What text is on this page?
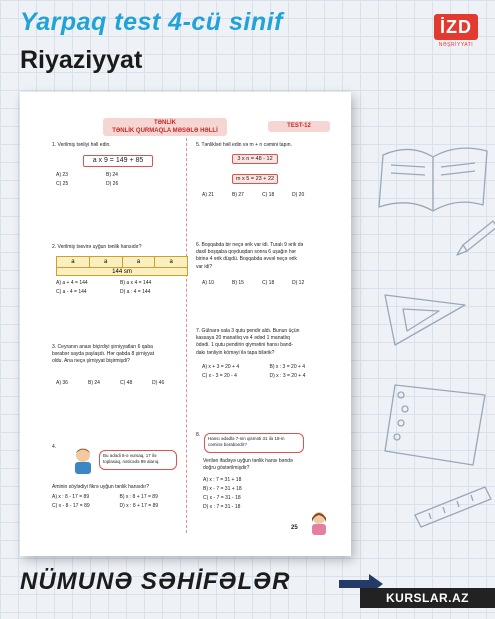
Yarpaq test 4-cü sinif
Riyaziyyat
İZD
NƏŞRİYYATI
TƏNLİK
TƏNLİK QURMAQLA MƏSƏLƏ HƏLLİ
TEST-12
1. Verilmiş tənliyi həll edin.
a x 9 = 149 + 85
A) 23	B) 24
C) 25	D) 26
2. Verilmiş təsvirə uyğun tənlik hansıdır?
a	a	a	a
144 sm
A) a + 4 = 144	B) a x 4 = 144
C) a - 4 = 144	D) a : 4 = 144
3. Ceyranın anası biçirdiyi şirniyyatları 6 qaba
bərabər sayda paylaşdı. Hər qabda 8 şirniyyat
oldu. Ana neçə şirniyyat bişirmişdi?
A) 36	B) 24	C) 48	D) 46
4.
Bu ədədi 8-ə vursaq, 17 ilə
toplasaq, nəticədə 89 alarıq.
Aminin söylədiyi fikrə uyğun tənlik hansıdır?
A) x : 8 - 17 = 89	B) x : 8 + 17 = 89
C) x - 8 - 17 = 89	D) x : 8 + 17 = 89
5. Tənlikləri həll edin və m + n cəmini tapın.
3 x n = 48 - 12
m x 5 = 23 + 22
A) 21	B) 27	C) 18	D) 20
6. Boşqabda bir neçə ərik var idi. Turalı 9 ərik də
daxil boşqaba qoyduqdan sonra 6 uşağın hər
birinə 4 ərik düşdü. Boşqabda əvvəl neçə ərik
var idi?
A) 10	B) 15	C) 18	D) 12
7. Gülnarə xala 3 qutu pendir aldı. Bunun üçün
kassaya 20 manatlıq və 4 ədəd 1 manatlıq
ödədi. 1 qutu pendirin qiymətini hansı band-
dakı tənliyin köməyi ilə tapa bilərik?
A) x + 3 = 20 + 4	B) x : 3 = 20 + 4
C) x - 3 = 20 - 4	D) x : 3 = 20 + 4
8.
Hansı ədədlə 7-nin qisməti 31 ilə 18-in
cəminə bərabərdir?
Verilən ifadəyə uyğun tənlik hansı bəndə
doğru göstərilmişdir?
A) x : 7 = 31 + 18
B) x - 7 = 31 + 18
C) x - 7 = 31 - 18
D) x : 7 = 31 - 18
25
NÜMUNƏ SƏHİFƏLƏR
KURSLAR.AZ
